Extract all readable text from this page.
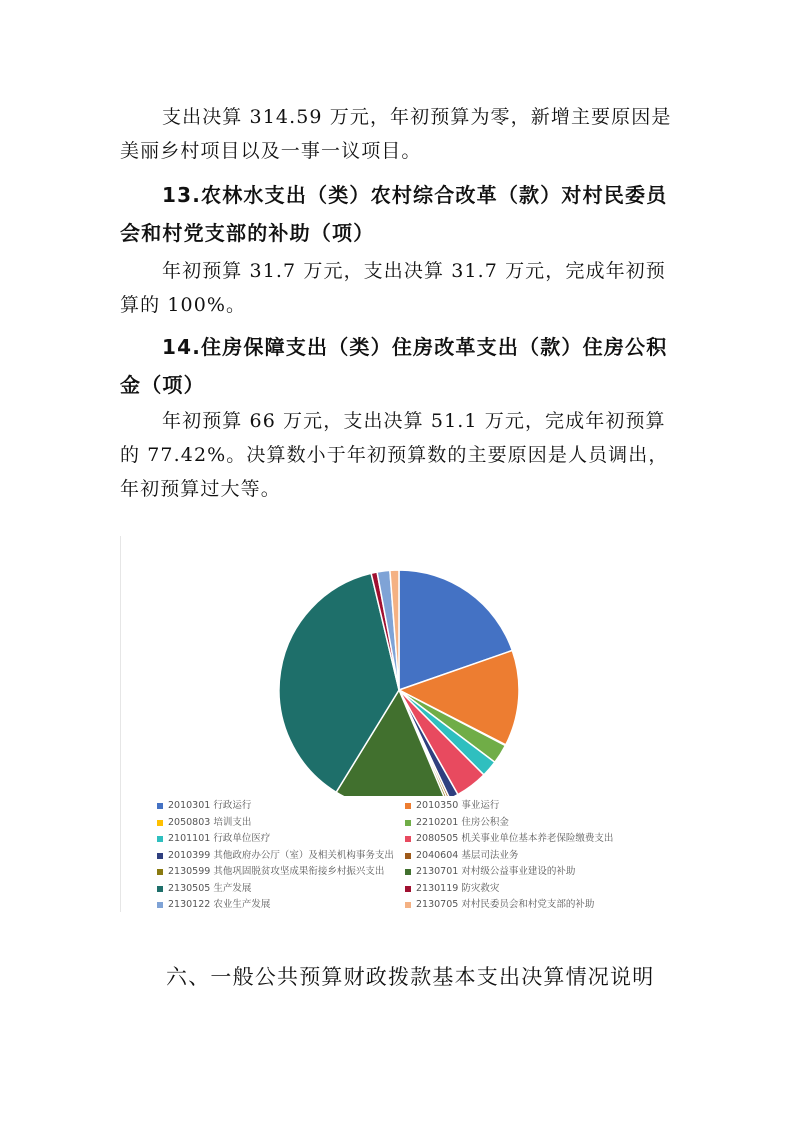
支出决算 314.59 万元，年初预算为零，新增主要原因是美丽乡村项目以及一事一议项目。

13.农林水支出（类）农村综合改革（款）对村民委员会和村党支部的补助（项）

年初预算 31.7 万元，支出决算 31.7 万元，完成年初预算的 100%。

14.住房保障支出（类）住房改革支出（款）住房公积金（项）

年初预算 66 万元，支出决算 51.1 万元，完成年初预算的 77.42%。决算数小于年初预算数的主要原因是人员调出，年初预算过大等。

2010301 行政运行	2010350 事业运行
2050803 培训支出	2210201 住房公积金
2101101 行政单位医疗	2080505 机关事业单位基本养老保险缴费支出
2010399 其他政府办公厅（室）及相关机构事务支出 2040604 基层司法业务
2130599 其他巩固脱贫攻坚成果衔接乡村振兴支出	2130701 对村级公益事业建设的补助
2130505 生产发展	2130119 防灾救灾
2130122 农业生产发展	2130705 对村民委员会和村党支部的补助

六、一般公共预算财政拨款基本支出决算情况说明
